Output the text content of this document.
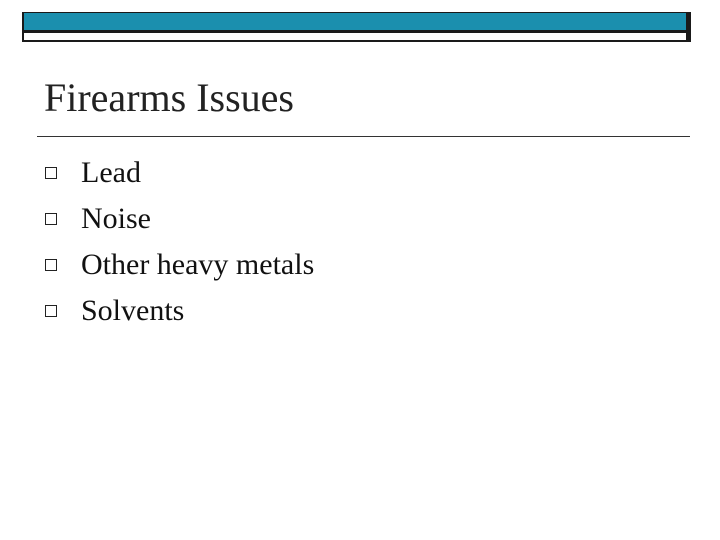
Firearms Issues
Lead
Noise
Other heavy metals
Solvents
